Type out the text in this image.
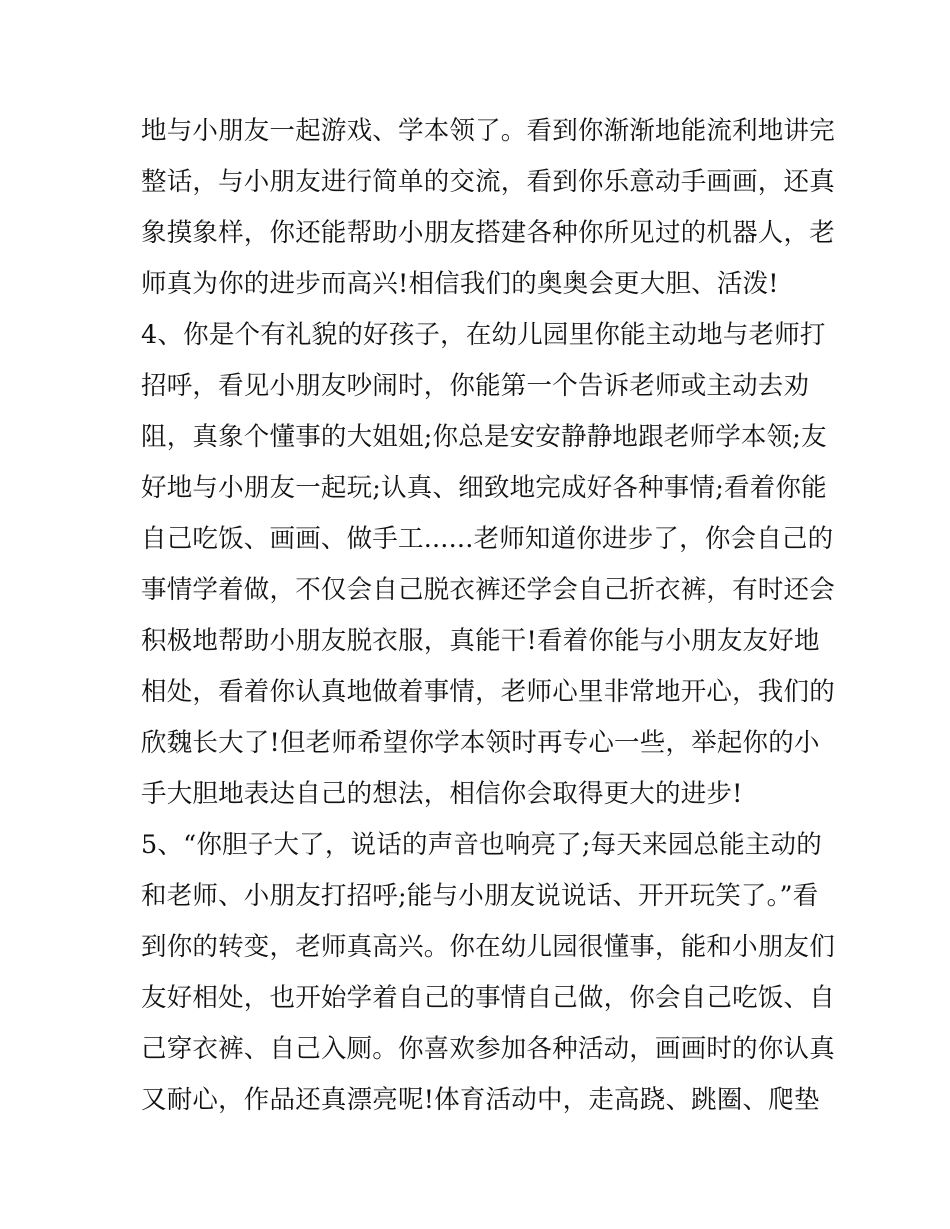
地与小朋友一起游戏、学本领了。看到你渐渐地能流利地讲完
整话，与小朋友进行简单的交流，看到你乐意动手画画，还真
象摸象样，你还能帮助小朋友搭建各种你所见过的机器人，老
师真为你的进步而高兴!相信我们的奥奥会更大胆、活泼!
4、你是个有礼貌的好孩子，在幼儿园里你能主动地与老师打
招呼，看见小朋友吵闹时，你能第一个告诉老师或主动去劝
阻，真象个懂事的大姐姐;你总是安安静静地跟老师学本领;友
好地与小朋友一起玩;认真、细致地完成好各种事情;看着你能
自己吃饭、画画、做手工......老师知道你进步了，你会自己的
事情学着做，不仅会自己脱衣裤还学会自己折衣裤，有时还会
积极地帮助小朋友脱衣服，真能干!看着你能与小朋友友好地
相处，看着你认真地做着事情，老师心里非常地开心，我们的
欣魏长大了!但老师希望你学本领时再专心一些，举起你的小
手大胆地表达自己的想法，相信你会取得更大的进步!
5、“你胆子大了，说话的声音也响亮了;每天来园总能主动的
和老师、小朋友打招呼;能与小朋友说说话、开开玩笑了。”看
到你的转变，老师真高兴。你在幼儿园很懂事，能和小朋友们
友好相处，也开始学着自己的事情自己做，你会自己吃饭、自
己穿衣裤、自己入厕。你喜欢参加各种活动，画画时的你认真
又耐心，作品还真漂亮呢!体育活动中，走高跷、跳圈、爬垫
